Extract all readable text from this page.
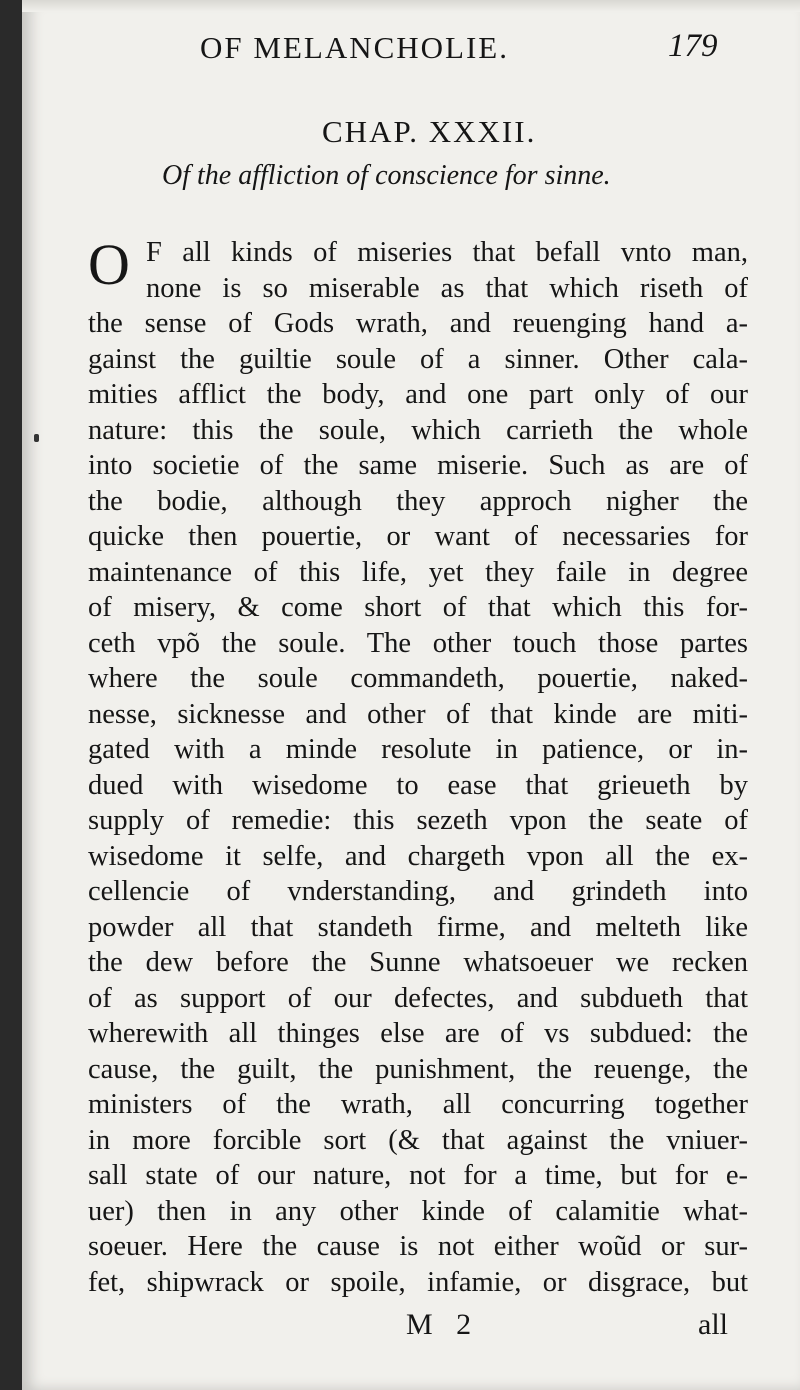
OF MELANCHOLIE.	179
CHAP. XXXII.
Of the affliction of conscience for sinne.
O F all kinds of miseries that befall vnto man,
none is so miserable as that which riseth of
the sense of Gods wrath, and reuenging hand a-
gainst the guiltie soule of a sinner. Other cala-
mities afflict the body, and one part only of our
nature: this the soule, which carrieth the whole
into societie of the same miserie. Such as are of
the bodie, although they approch nigher the
quicke then pouertie, or want of necessaries for
maintenance of this life, yet they faile in degree
of misery, & come short of that which this for-
ceth vpõ the soule. The other touch those partes
where the soule commandeth, pouertie, naked-
nesse, sicknesse and other of that kinde are miti-
gated with a minde resolute in patience, or in-
dued with wisedome to ease that grieueth by
supply of remedie: this sezeth vpon the seate of
wisedome it selfe, and chargeth vpon all the ex-
cellencie of vnderstanding, and grindeth into
powder all that standeth firme, and melteth like
the dew before the Sunne whatsoeuer we recken
of as support of our defectes, and subdueth that
wherewith all thinges else are of vs subdued: the
cause, the guilt, the punishment, the reuenge, the
ministers of the wrath, all concurring together
in more forcible sort (& that against the vniuer-
sall state of our nature, not for a time, but for e-
uer) then in any other kinde of calamitie what-
soeuer. Here the cause is not either woũd or sur-
fet, shipwrack or spoile, infamie, or disgrace, but
M 2	all
